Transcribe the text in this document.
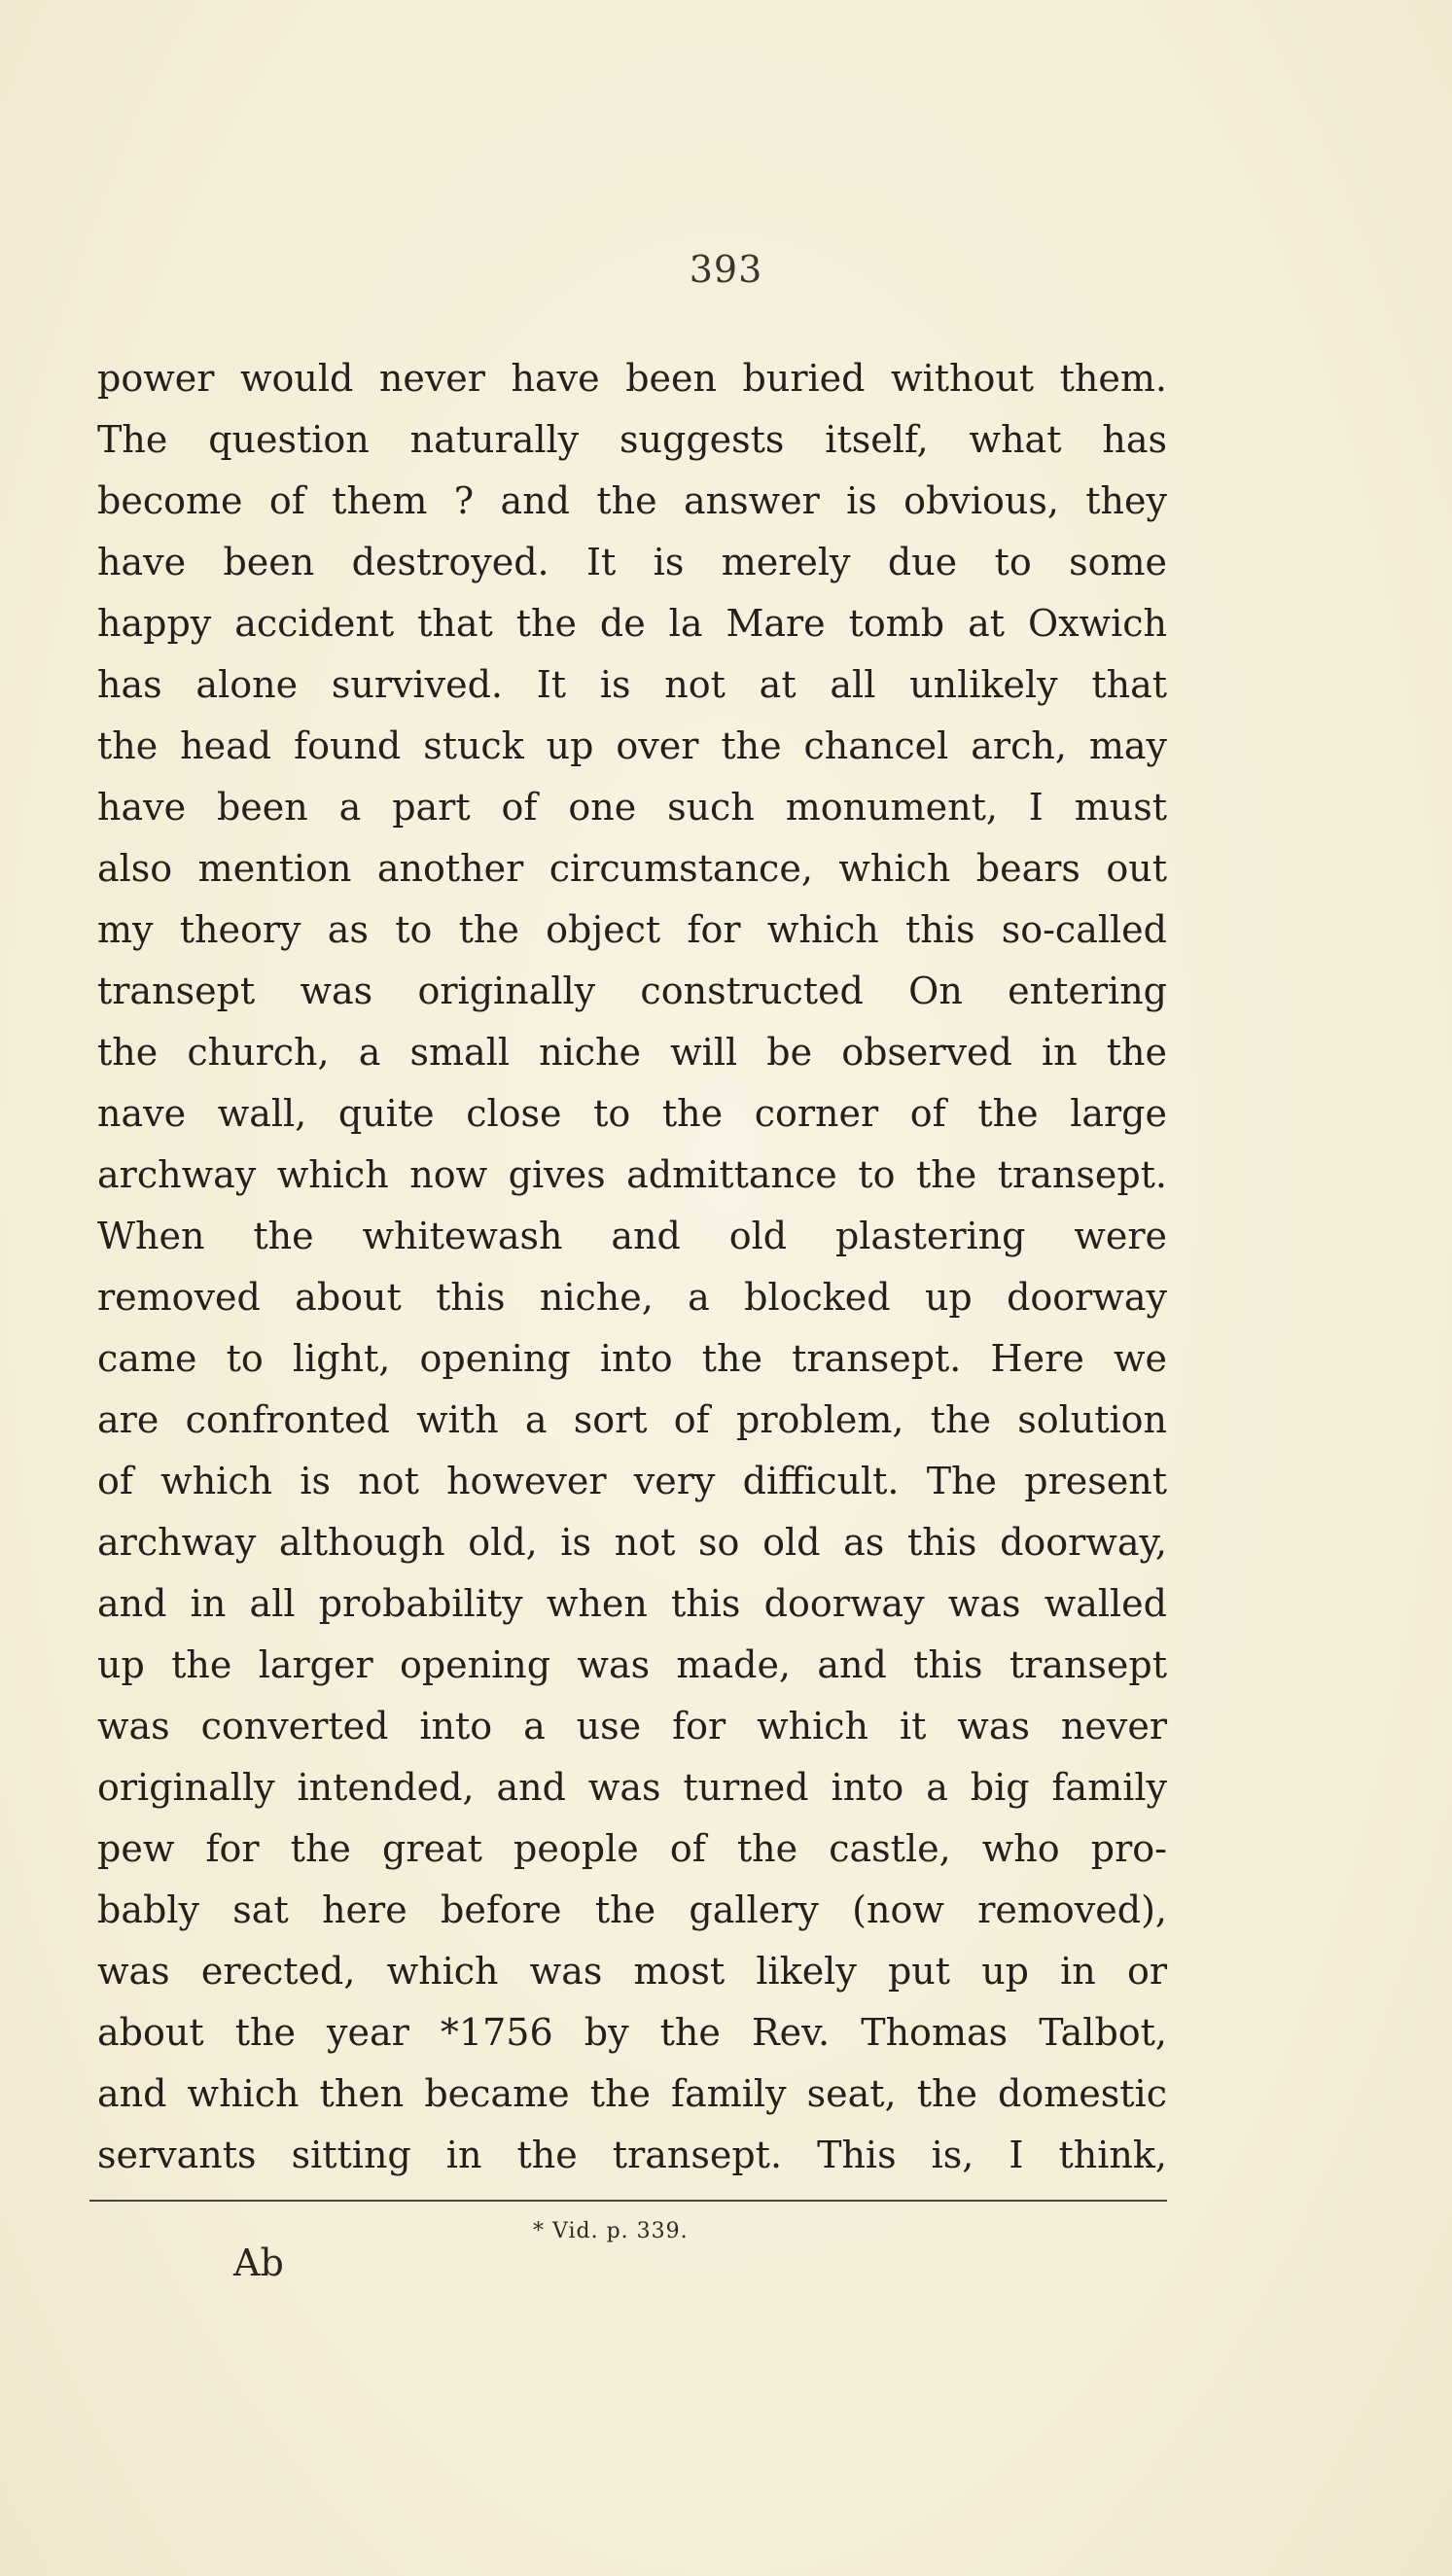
393
power would never have been buried without them.
The question naturally suggests itself, what has
become of them ? and the answer is obvious, they
have been destroyed. It is merely due to some
happy accident that the de la Mare tomb at Oxwich
has alone survived. It is not at all unlikely that
the head found stuck up over the chancel arch, may
have been a part of one such monument, I must
also mention another circumstance, which bears out
my theory as to the object for which this so-called
transept was originally constructed On entering
the church, a small niche will be observed in the
nave wall, quite close to the corner of the large
archway which now gives admittance to the transept.
When the whitewash and old plastering were
removed about this niche, a blocked up doorway
came to light, opening into the transept. Here we
are confronted with a sort of problem, the solution
of which is not however very difficult. The present
archway although old, is not so old as this doorway,
and in all probability when this doorway was walled
up the larger opening was made, and this transept
was converted into a use for which it was never
originally intended, and was turned into a big family
pew for the great people of the castle, who pro-
bably sat here before the gallery (now removed),
was erected, which was most likely put up in or
about the year *1756 by the Rev. Thomas Talbot,
and which then became the family seat, the domestic
servants sitting in the transept. This is, I think,
* Vid. p. 339.
Ab
